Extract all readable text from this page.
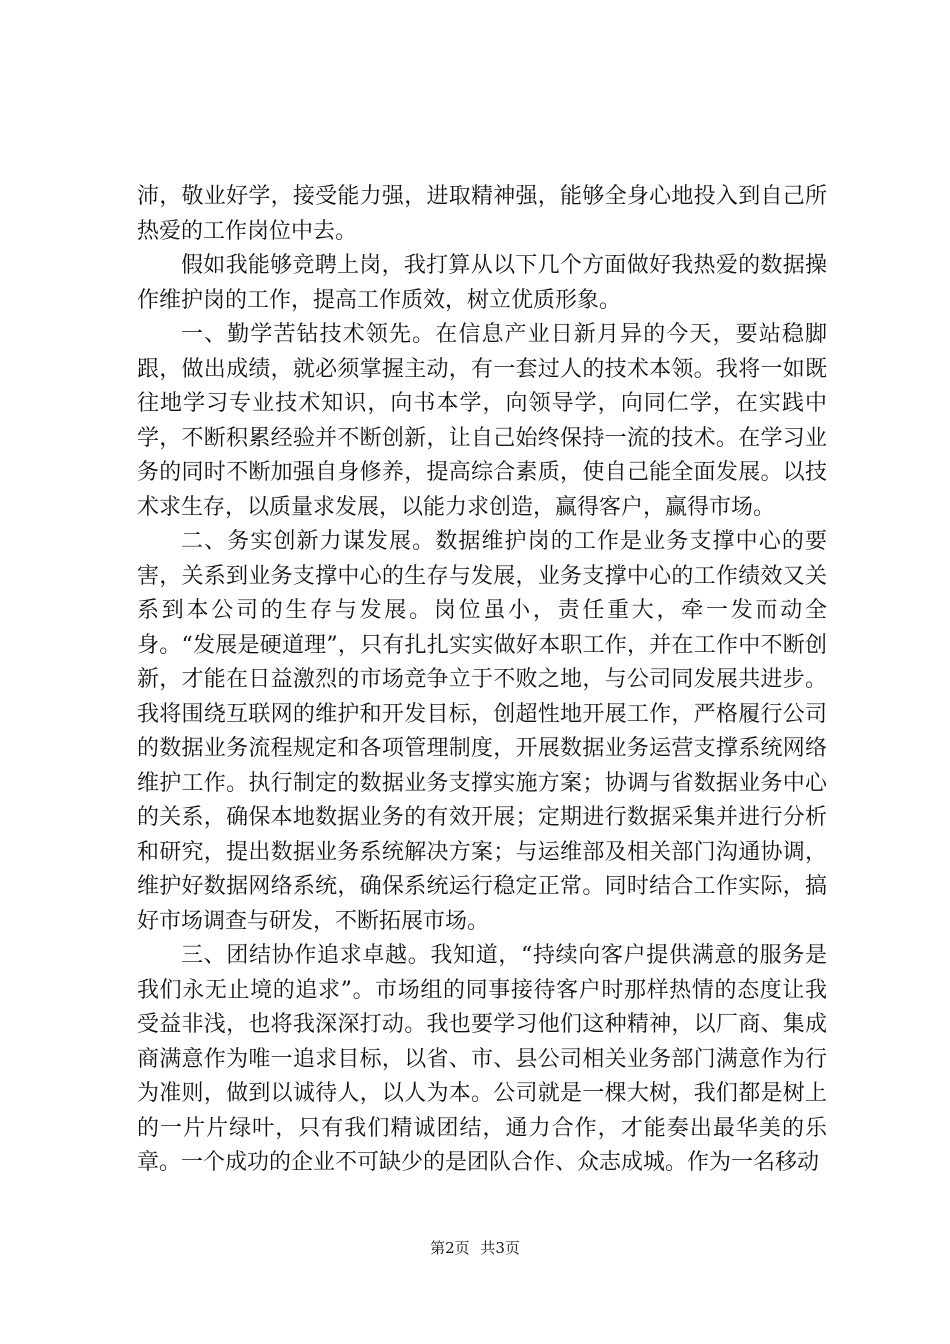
沛，敬业好学，接受能力强，进取精神强，能够全身心地投入到自己所热爱的工作岗位中去。

假如我能够竞聘上岗，我打算从以下几个方面做好我热爱的数据操作维护岗的工作，提高工作质效，树立优质形象。

一、勤学苦钻技术领先。在信息产业日新月异的今天，要站稳脚跟，做出成绩，就必须掌握主动，有一套过人的技术本领。我将一如既往地学习专业技术知识，向书本学，向领导学，向同仁学，在实践中学，不断积累经验并不断创新，让自己始终保持一流的技术。在学习业务的同时不断加强自身修养，提高综合素质，使自己能全面发展。以技术求生存，以质量求发展，以能力求创造，赢得客户，赢得市场。

二、务实创新力谋发展。数据维护岗的工作是业务支撑中心的要害，关系到业务支撑中心的生存与发展，业务支撑中心的工作绩效又关系到本公司的生存与发展。岗位虽小，责任重大，牵一发而动全身。“发展是硬道理”，只有扎扎实实做好本职工作，并在工作中不断创新，才能在日益激烈的市场竞争立于不败之地，与公司同发展共进步。我将围绕互联网的维护和开发目标，创超性地开展工作，严格履行公司的数据业务流程规定和各项管理制度，开展数据业务运营支撑系统网络维护工作。执行制定的数据业务支撑实施方案；协调与省数据业务中心的关系，确保本地数据业务的有效开展；定期进行数据采集并进行分析和研究，提出数据业务系统解决方案；与运维部及相关部门沟通协调，维护好数据网络系统，确保系统运行稳定正常。同时结合工作实际，搞好市场调查与研发，不断拓展市场。

三、团结协作追求卓越。我知道，“持续向客户提供满意的服务是我们永无止境的追求”。市场组的同事接待客户时那样热情的态度让我受益非浅，也将我深深打动。我也要学习他们这种精神，以厂商、集成商满意作为唯一追求目标，以省、市、县公司相关业务部门满意作为行为准则，做到以诚待人，以人为本。公司就是一棵大树，我们都是树上的一片片绿叶，只有我们精诚团结，通力合作，才能奏出最华美的乐章。一个成功的企业不可缺少的是团队合作、众志成城。作为一名移动

第2页 共3页
